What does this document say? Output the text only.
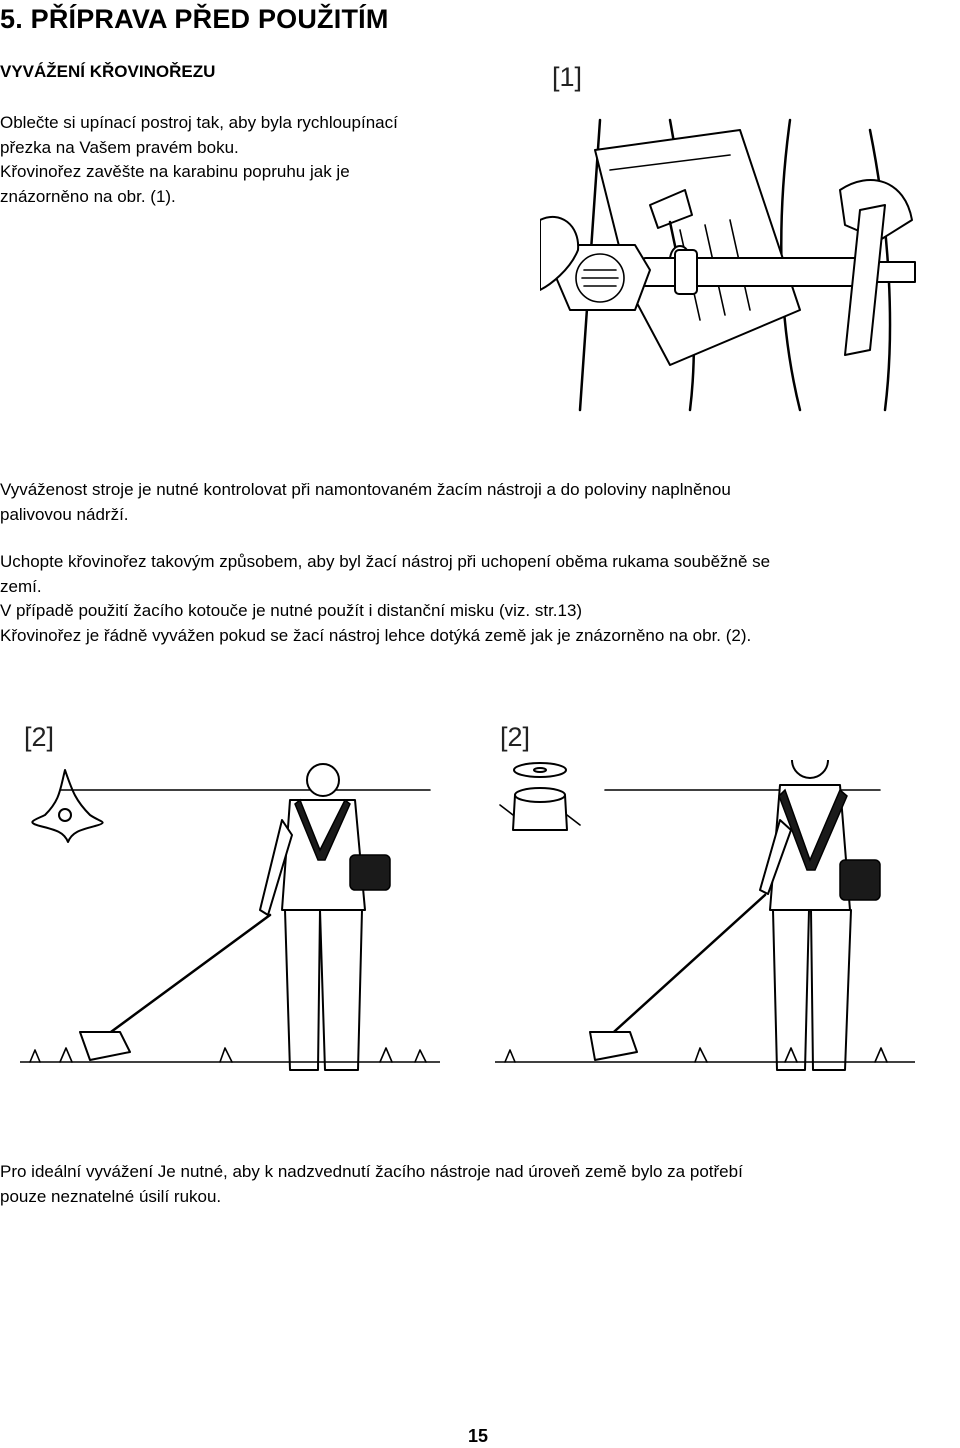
5. PŘÍPRAVA PŘED POUŽITÍM
VYVÁŽENÍ KŘOVINOŘEZU
Oblečte si upínací postroj tak, aby byla rychloupínací
přezka na Vašem pravém boku.
Křovinořez zavěšte na karabinu popruhu jak je
znázorněno na obr. (1).
[1]
Vyváženost stroje je nutné kontrolovat při namontovaném žacím nástroji a do poloviny naplněnou
palivovou nádrží.
Uchopte křovinořez takovým způsobem, aby byl žací nástroj při uchopení oběma rukama souběžně se
zemí.
V případě použití žacího kotouče je nutné použít i distanční misku (viz. str.13)
Křovinořez je řádně vyvážen pokud se žací nástroj lehce dotýká země jak je znázorněno na obr. (2).
[2]	[2]
Pro ideální vyvážení Je nutné, aby k nadzvednutí žacího nástroje nad úroveň země bylo za potřebí
pouze neznatelné úsilí rukou.
15
